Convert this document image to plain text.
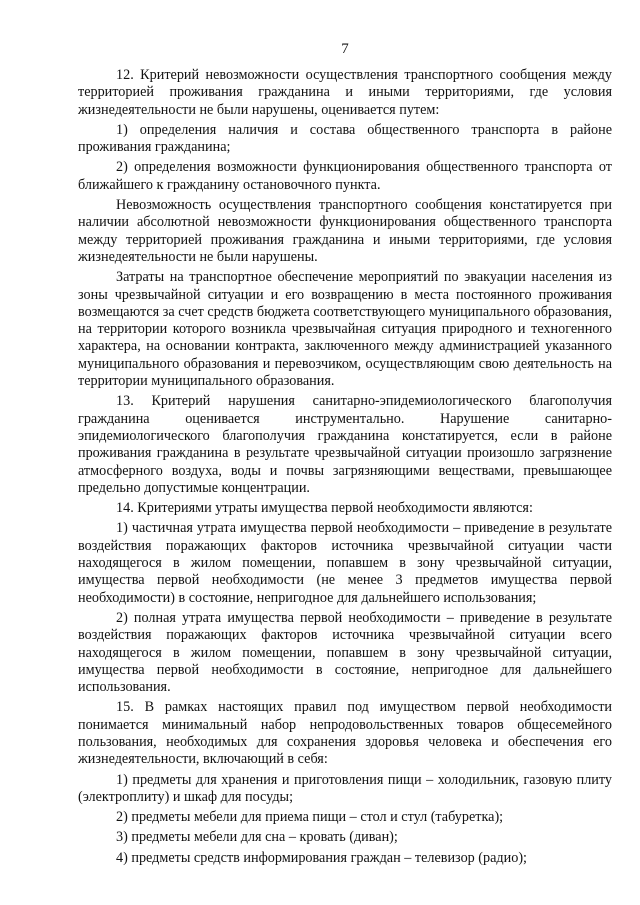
7

12. Критерий невозможности осуществления транспортного сообщения между территорией проживания гражданина и иными территориями, где условия жизнедеятельности не были нарушены, оценивается путем:

1) определения наличия и состава общественного транспорта в районе проживания гражданина;

2) определения возможности функционирования общественного транспорта от ближайшего к гражданину остановочного пункта.

Невозможность осуществления транспортного сообщения констатируется при наличии абсолютной невозможности функционирования общественного транспорта между территорией проживания гражданина и иными территориями, где условия жизнедеятельности не были нарушены.

Затраты на транспортное обеспечение мероприятий по эвакуации населения из зоны чрезвычайной ситуации и его возвращению в места постоянного проживания возмещаются за счет средств бюджета соответствующего муниципального образования, на территории которого возникла чрезвычайная ситуация природного и техногенного характера, на основании контракта, заключенного между администрацией указанного муниципального образования и перевозчиком, осуществляющим свою деятельность на территории муниципального образования.

13. Критерий нарушения санитарно-эпидемиологического благополучия гражданина оценивается инструментально. Нарушение санитарно-эпидемиологического благополучия гражданина констатируется, если в районе проживания гражданина в результате чрезвычайной ситуации произошло загрязнение атмосферного воздуха, воды и почвы загрязняющими веществами, превышающее предельно допустимые концентрации.

14. Критериями утраты имущества первой необходимости являются:

1) частичная утрата имущества первой необходимости – приведение в результате воздействия поражающих факторов источника чрезвычайной ситуации части находящегося в жилом помещении, попавшем в зону чрезвычайной ситуации, имущества первой необходимости (не менее 3 предметов имущества первой необходимости) в состояние, непригодное для дальнейшего использования;

2) полная утрата имущества первой необходимости – приведение в результате воздействия поражающих факторов источника чрезвычайной ситуации всего находящегося в жилом помещении, попавшем в зону чрезвычайной ситуации, имущества первой необходимости в состояние, непригодное для дальнейшего использования.

15. В рамках настоящих правил под имуществом первой необходимости понимается минимальный набор непродовольственных товаров общесемейного пользования, необходимых для сохранения здоровья человека и обеспечения его жизнедеятельности, включающий в себя:

1) предметы для хранения и приготовления пищи – холодильник, газовую плиту (электроплиту) и шкаф для посуды;

2) предметы мебели для приема пищи – стол и стул (табуретка);

3) предметы мебели для сна – кровать (диван);

4) предметы средств информирования граждан – телевизор (радио);
